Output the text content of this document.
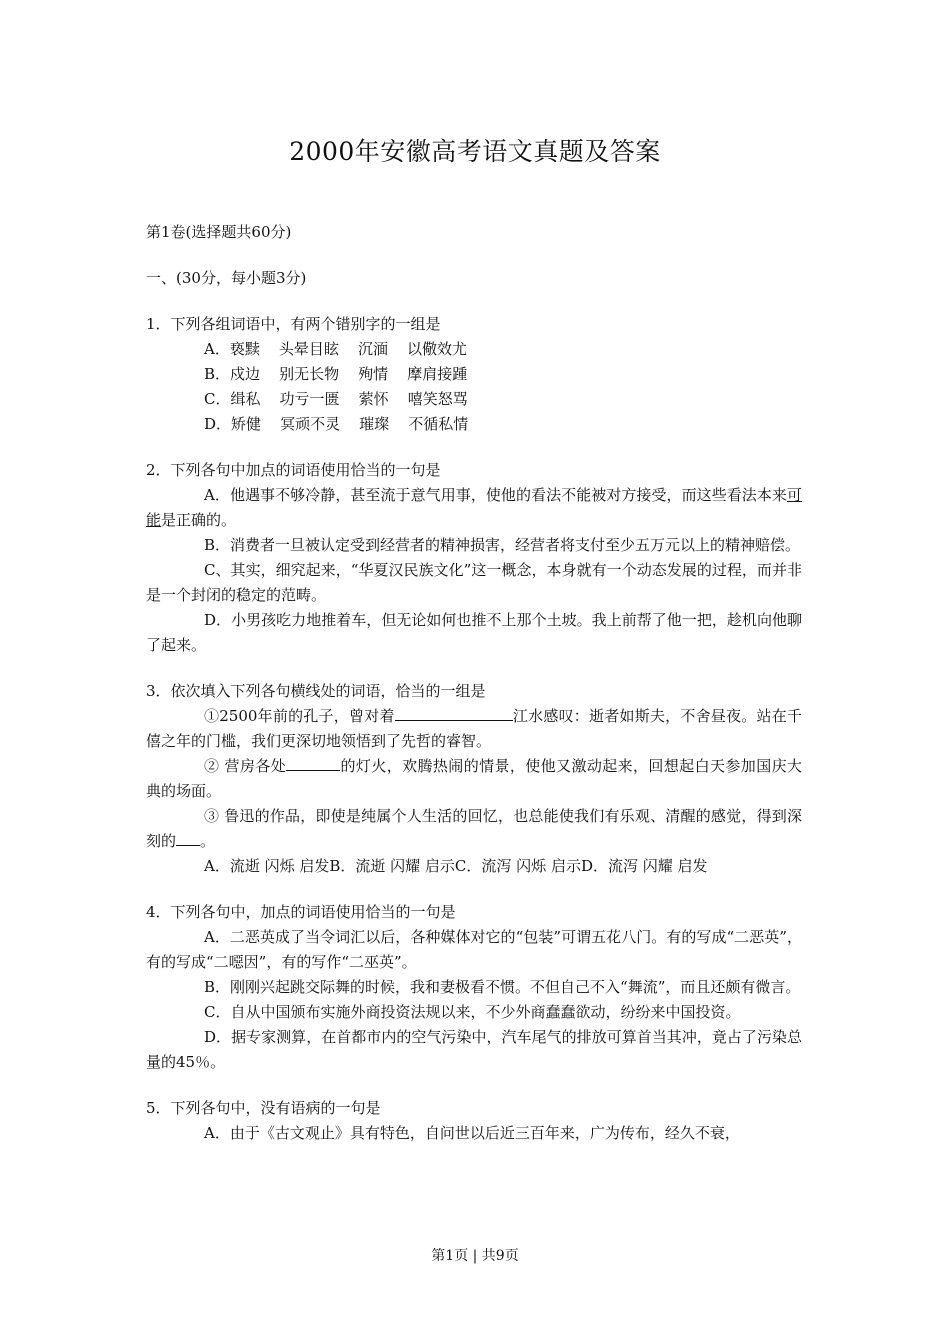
2000年安徽高考语文真题及答案

第1卷(选择题共60分)

一、(30分，每小题3分)

1．下列各组词语中，有两个错别字的一组是

A．亵黩    头晕目眩    沉湎    以儆效尤

B．戍边    别无长物    殉情    摩肩接踵

C．缉私    功亏一匮    萦怀    嘻笑怒骂

D．矫健    冥顽不灵    璀璨    不循私情

2．下列各句中加点的词语使用恰当的一句是

A．他遇事不够冷静，甚至流于意气用事，使他的看法不能被对方接受，而这些看法本来可能是正确的。

B．消费者一旦被认定受到经营者的精神损害，经营者将支付至少五万元以上的精神赔偿。

C、其实，细究起来，“华夏汉民族文化”这一概念，本身就有一个动态发展的过程，而并非是一个封闭的稳定的范畴。

D．小男孩吃力地推着车，但无论如何也推不上那个土坡。我上前帮了他一把，趁机向他聊了起来。

3．依次填入下列各句横线处的词语，恰当的一组是

①2500年前的孔子，曾对着	江水感叹：逝者如斯夫，不舍昼夜。站在千僖之年的门槛，我们更深切地领悟到了先哲的睿智。

② 营房各处	的灯火，欢腾热闹的情景，使他又激动起来，回想起白天参加国庆大典的场面。

③ 鲁迅的作品，即使是纯属个人生活的回忆，也总能使我们有乐观、清醒的感觉，得到深刻的 。

A．流逝 闪烁 启发B．流逝 闪耀 启示C．流泻 闪烁 启示D．流泻 闪耀 启发

4．下列各句中，加点的词语使用恰当的一句是

A．二恶英成了当令词汇以后，各种媒体对它的“包装”可谓五花八门。有的写成“二恶英”，有的写成“二噁因”，有的写作“二巫英”。

B．刚刚兴起跳交际舞的时候，我和妻极看不惯。不但自己不入“舞流”，而且还颇有微言。

C．自从中国颁布实施外商投资法规以来，不少外商蠢蠢欲动，纷纷来中国投资。

D．据专家测算，在首都市内的空气污染中，汽车尾气的排放可算首当其冲，竟占了污染总量的45％。

5．下列各句中，没有语病的一句是

A．由于《古文观止》具有特色，自问世以后近三百年来，广为传布，经久不衰，

第1页 | 共9页
